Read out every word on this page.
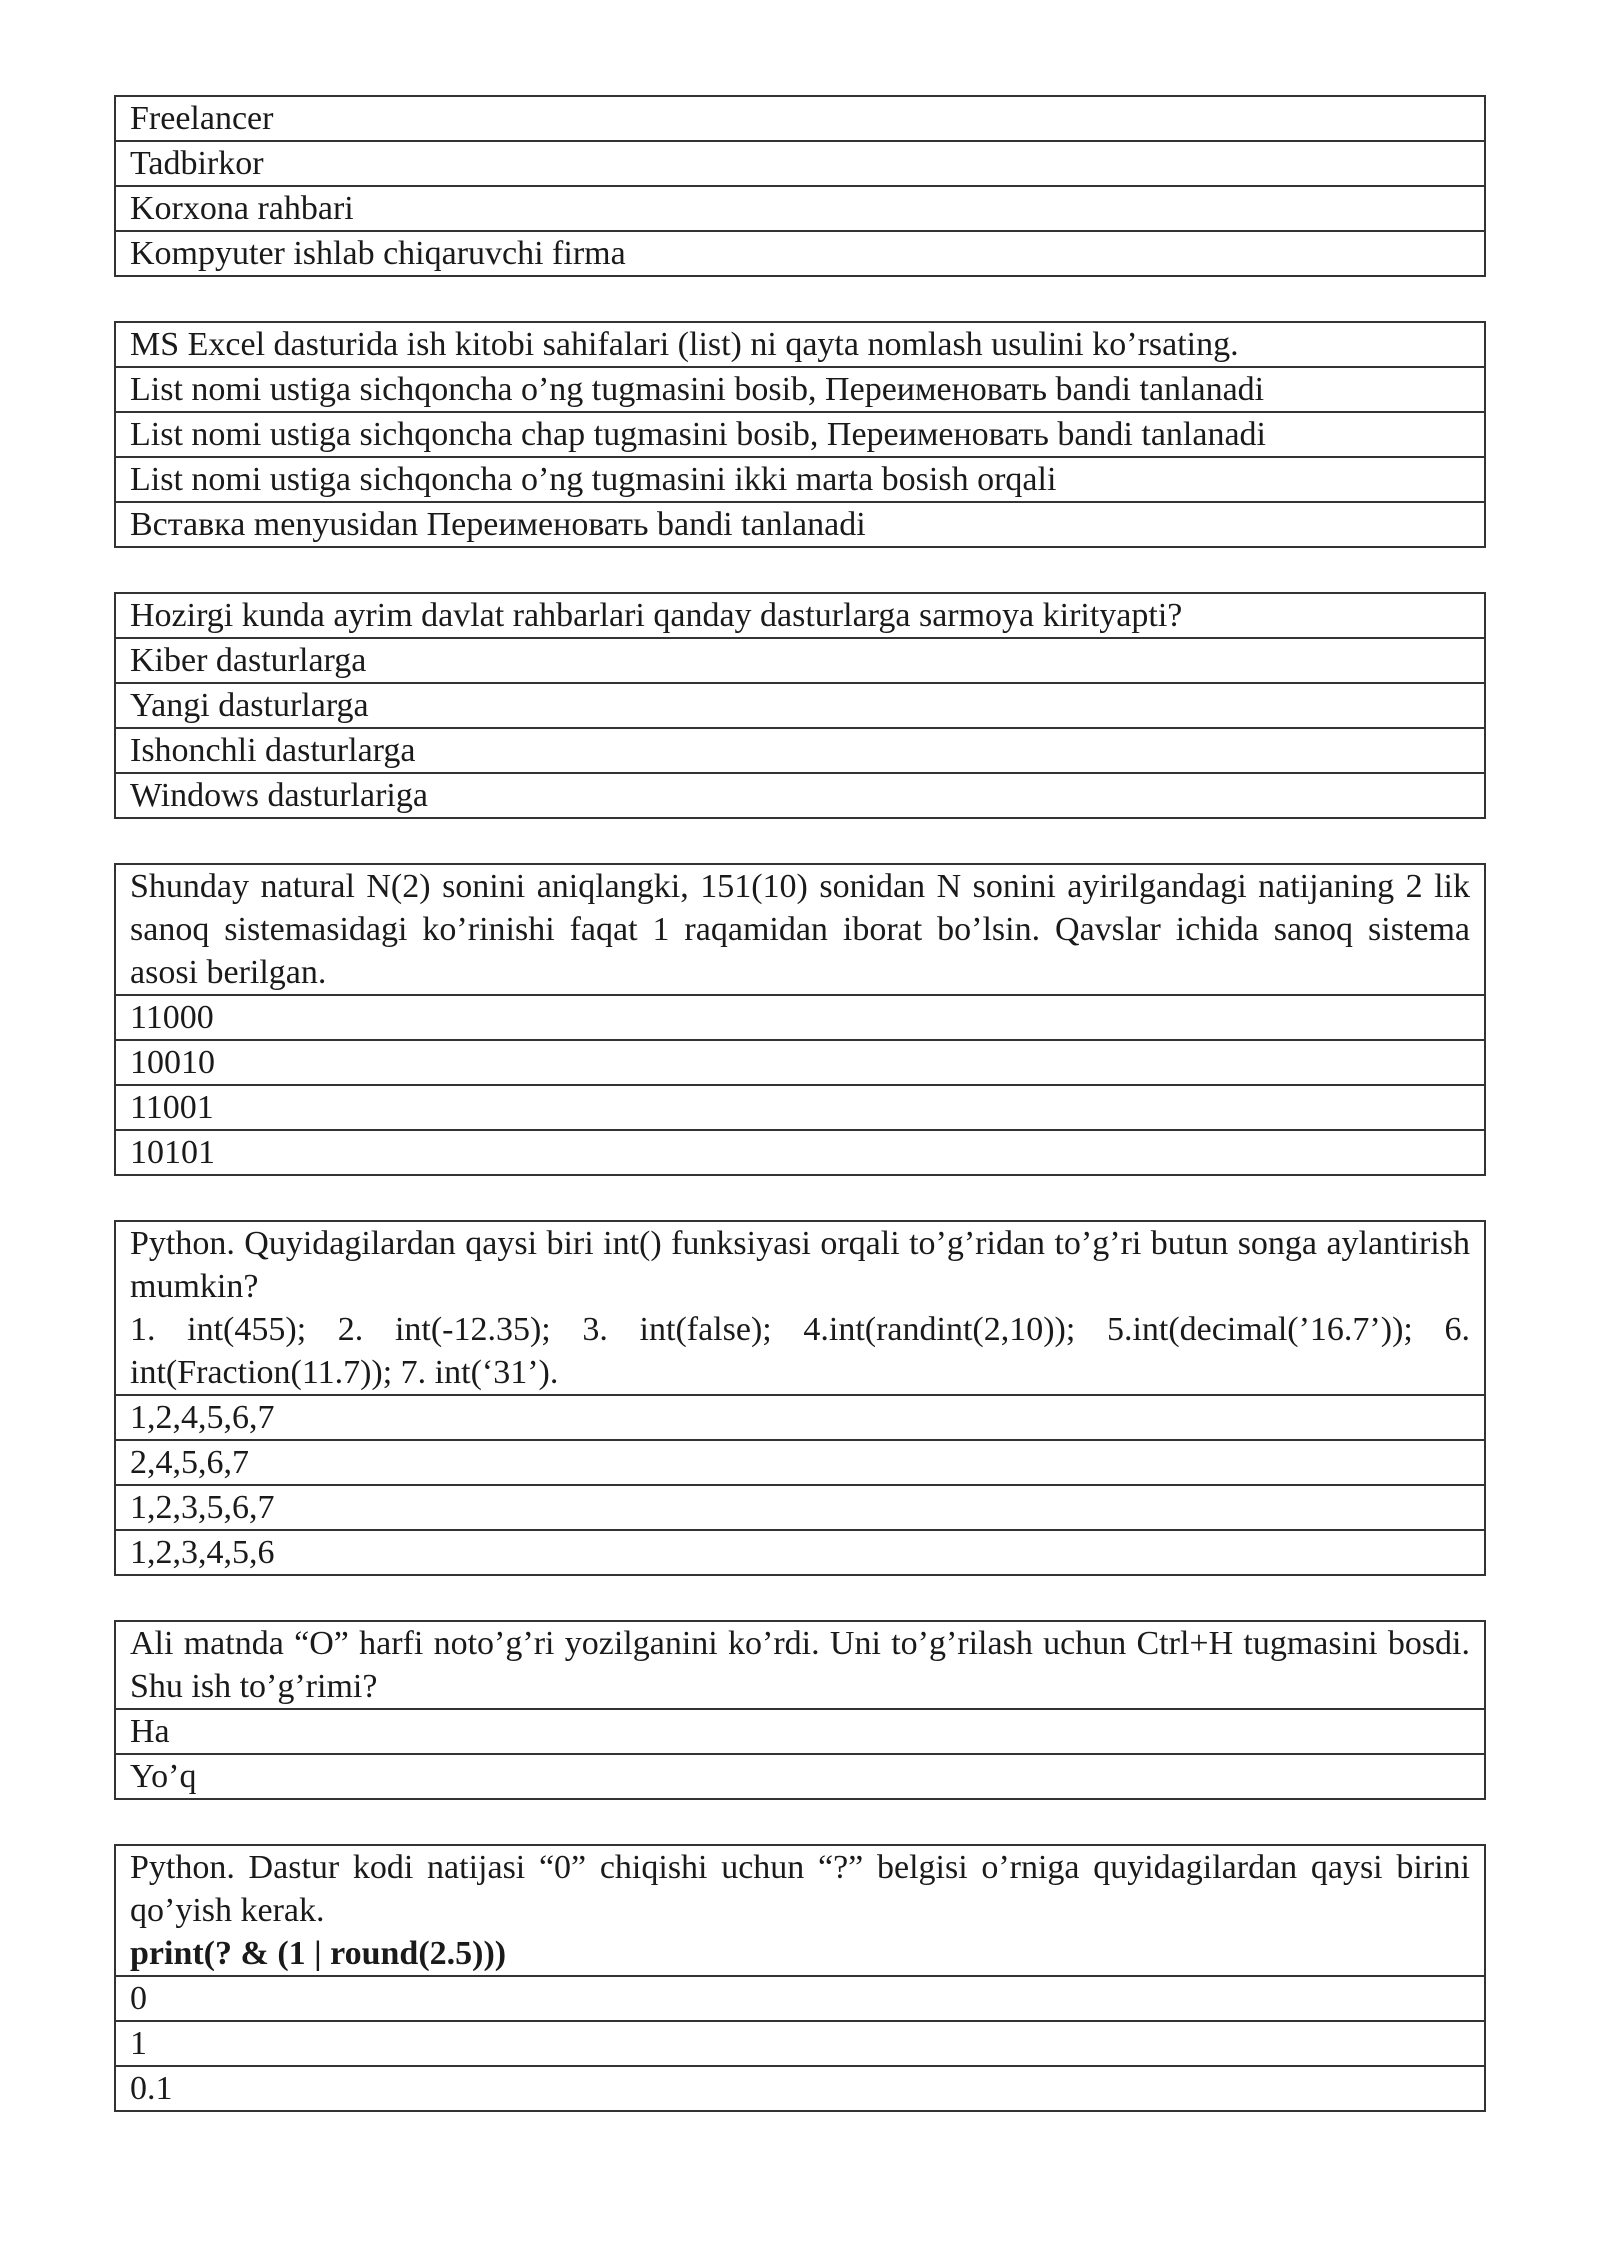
Freelancer
Tadbirkor
Korxona rahbari
Kompyuter ishlab chiqaruvchi firma
MS Excel dasturida ish kitobi sahifalari (list) ni qayta nomlash usulini ko’rsating.

List nomi ustiga sichqoncha o’ng tugmasini bosib, Переименовать bandi tanlanadi
List nomi ustiga sichqoncha chap tugmasini bosib, Переименовать bandi tanlanadi
List nomi ustiga sichqoncha o’ng tugmasini ikki marta bosish orqali
Вставка menyusidan Переименовать bandi tanlanadi
Hozirgi kunda ayrim davlat rahbarlari qanday dasturlarga sarmoya kirityapti?

Kiber dasturlarga
Yangi dasturlarga
Ishonchli dasturlarga
Windows dasturlariga
Shunday natural N(2) sonini aniqlangki, 151(10) sonidan N sonini ayirilgandagi natijaning 2 lik sanoq sistemasidagi ko’rinishi faqat 1 raqamidan iborat bo’lsin. Qavslar ichida sanoq sistema asosi berilgan.

11000
10010
11001
10101
Python. Quyidagilardan qaysi biri int() funksiyasi orqali to’g’ridan to’g’ri butun songa aylantirish mumkin?
1. int(455); 2. int(-12.35); 3. int(false); 4.int(randint(2,10)); 5.int(decimal(’16.7’)); 6. int(Fraction(11.7)); 7. int(‘31’).

1,2,4,5,6,7
2,4,5,6,7
1,2,3,5,6,7
1,2,3,4,5,6
Ali matnda “O” harfi noto’g’ri yozilganini ko’rdi. Uni to’g’rilash uchun Ctrl+H tugmasini bosdi. Shu ish to’g’rimi?

Ha
Yo’q
Python. Dastur kodi natijasi “0” chiqishi uchun “?” belgisi o’rniga quyidagilardan qaysi birini qo’yish kerak.
print(? & (1 | round(2.5)))

0
1
0.1
